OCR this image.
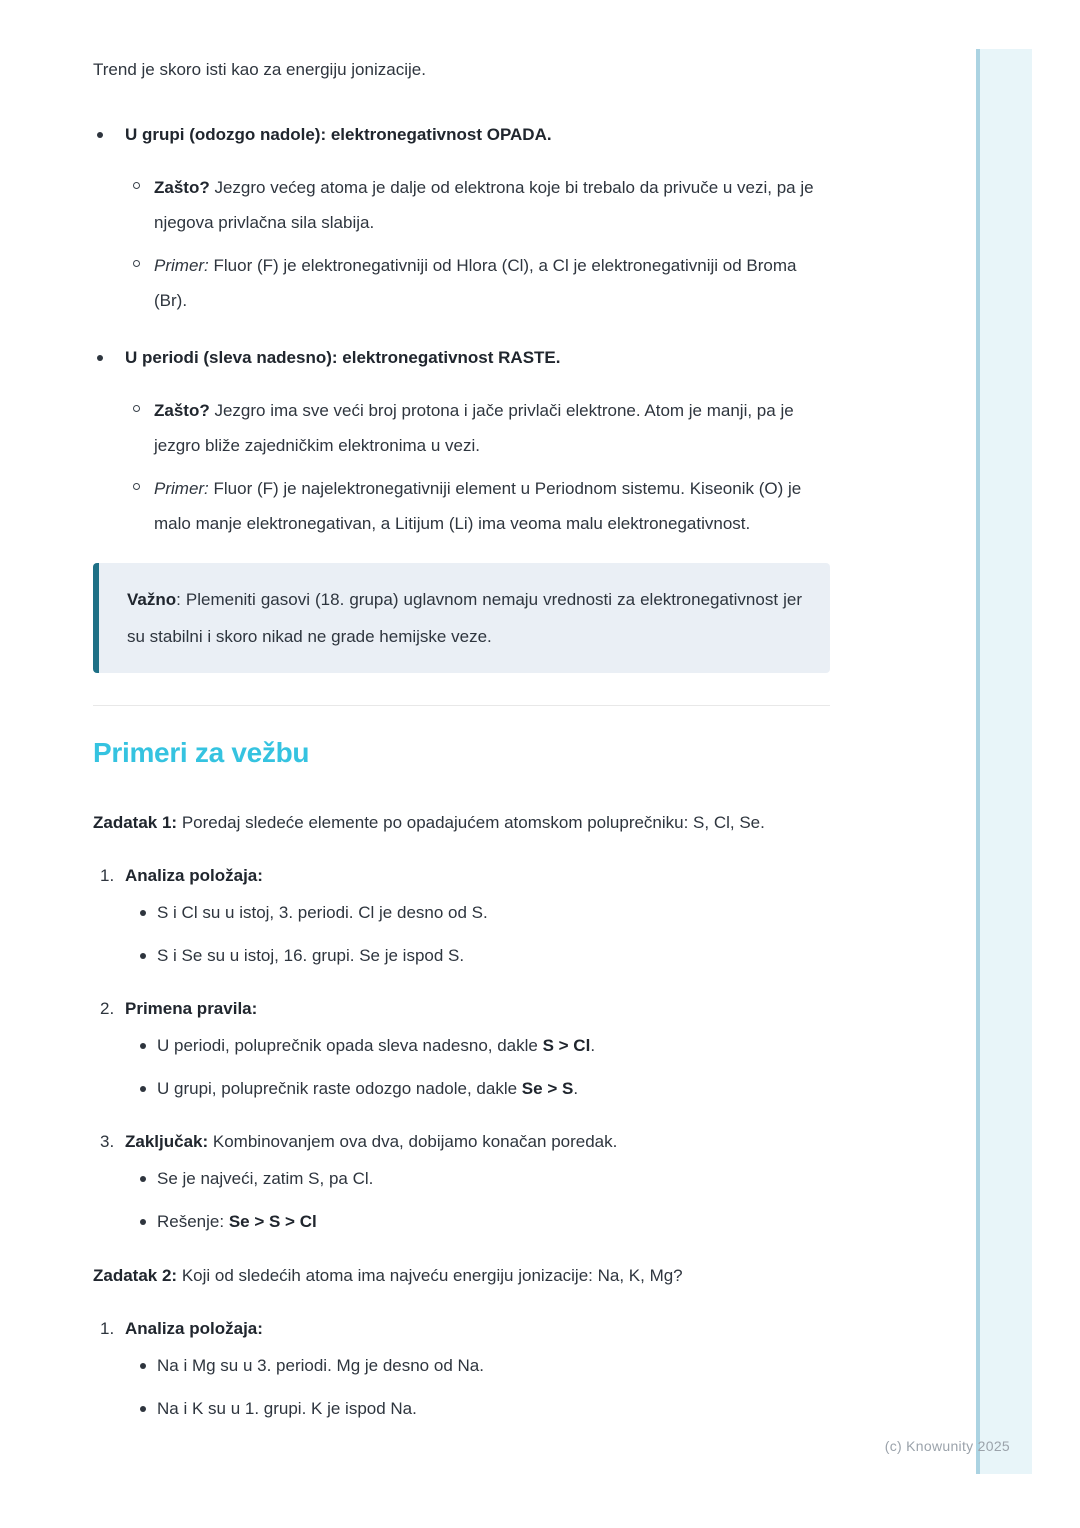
Trend je skoro isti kao za energiju jonizacije.

U grupi (odozgo nadole): elektronegativnost OPADA.
Zašto? Jezgro većeg atoma je dalje od elektrona koje bi trebalo da privuče u vezi, pa je njegova privlačna sila slabija.
Primer: Fluor (F) je elektronegativniji od Hlora (Cl), a Cl je elektronegativniji od Broma (Br).
U periodi (sleva nadesno): elektronegativnost RASTE.
Zašto? Jezgro ima sve veći broj protona i jače privlači elektrone. Atom je manji, pa je jezgro bliže zajedničkim elektronima u vezi.
Primer: Fluor (F) je najelektronegativniji element u Periodnom sistemu. Kiseonik (O) je malo manje elektronegativan, a Litijum (Li) ima veoma malu elektronegativnost.

Važno: Plemeniti gasovi (18. grupa) uglavnom nemaju vrednosti za elektronegativnost jer su stabilni i skoro nikad ne grade hemijske veze.

Primeri za vežbu

Zadatak 1: Poredaj sledeće elemente po opadajućem atomskom poluprečniku: S, Cl, Se.

1. Analiza položaja:
S i Cl su u istoj, 3. periodi. Cl je desno od S.
S i Se su u istoj, 16. grupi. Se je ispod S.
2. Primena pravila:
U periodi, poluprečnik opada sleva nadesno, dakle S > Cl.
U grupi, poluprečnik raste odozgo nadole, dakle Se > S.
3. Zaključak: Kombinovanjem ova dva, dobijamo konačan poredak.
Se je najveći, zatim S, pa Cl.
Rešenje: Se > S > Cl

Zadatak 2: Koji od sledećih atoma ima najveću energiju jonizacije: Na, K, Mg?

1. Analiza položaja:
Na i Mg su u 3. periodi. Mg je desno od Na.
Na i K su u 1. grupi. K je ispod Na.
(c) Knowunity 2025
